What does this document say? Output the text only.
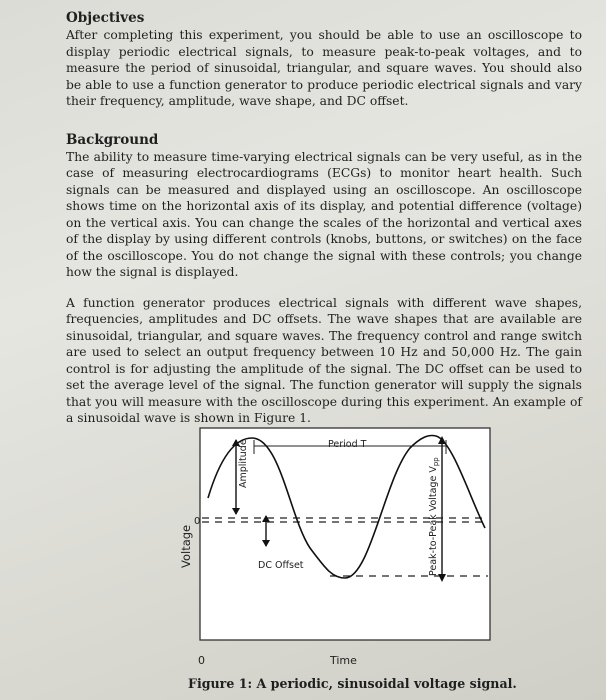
Objectives

After completing this experiment, you should be able to use an oscilloscope to display periodic electrical signals, to measure peak-to-peak voltages, and to measure the period of sinusoidal, triangular, and square waves. You should also be able to use a function generator to produce periodic electrical signals and vary their frequency, amplitude, wave shape, and DC offset.

Background

The ability to measure time-varying electrical signals can be very useful, as in the case of measuring electrocardiograms (ECGs) to monitor heart health. Such signals can be measured and displayed using an oscilloscope. An oscilloscope shows time on the horizontal axis of its display, and potential difference (voltage) on the vertical axis. You can change the scales of the horizontal and vertical axes of the display by using different controls (knobs, buttons, or switches) on the face of the oscilloscope. You do not change the signal with these controls; you change how the signal is displayed.

A function generator produces electrical signals with different wave shapes, frequencies, amplitudes and DC offsets. The wave shapes that are available are sinusoidal, triangular, and square waves. The frequency control and range switch are used to select an output frequency between 10 Hz and 50,000 Hz. The gain control is for adjusting the amplitude of the signal. The DC offset can be used to set the average level of the signal. The function generator will supply the signals that you will measure with the oscilloscope during this experiment. An example of a sinusoidal wave is shown in Figure 1.

Period T
Amplitude
DC Offset	Peak-to-Peak Voltage $V_{pp}$
Voltage
0
0	Time
Figure 1: A periodic, sinusoidal voltage signal.
